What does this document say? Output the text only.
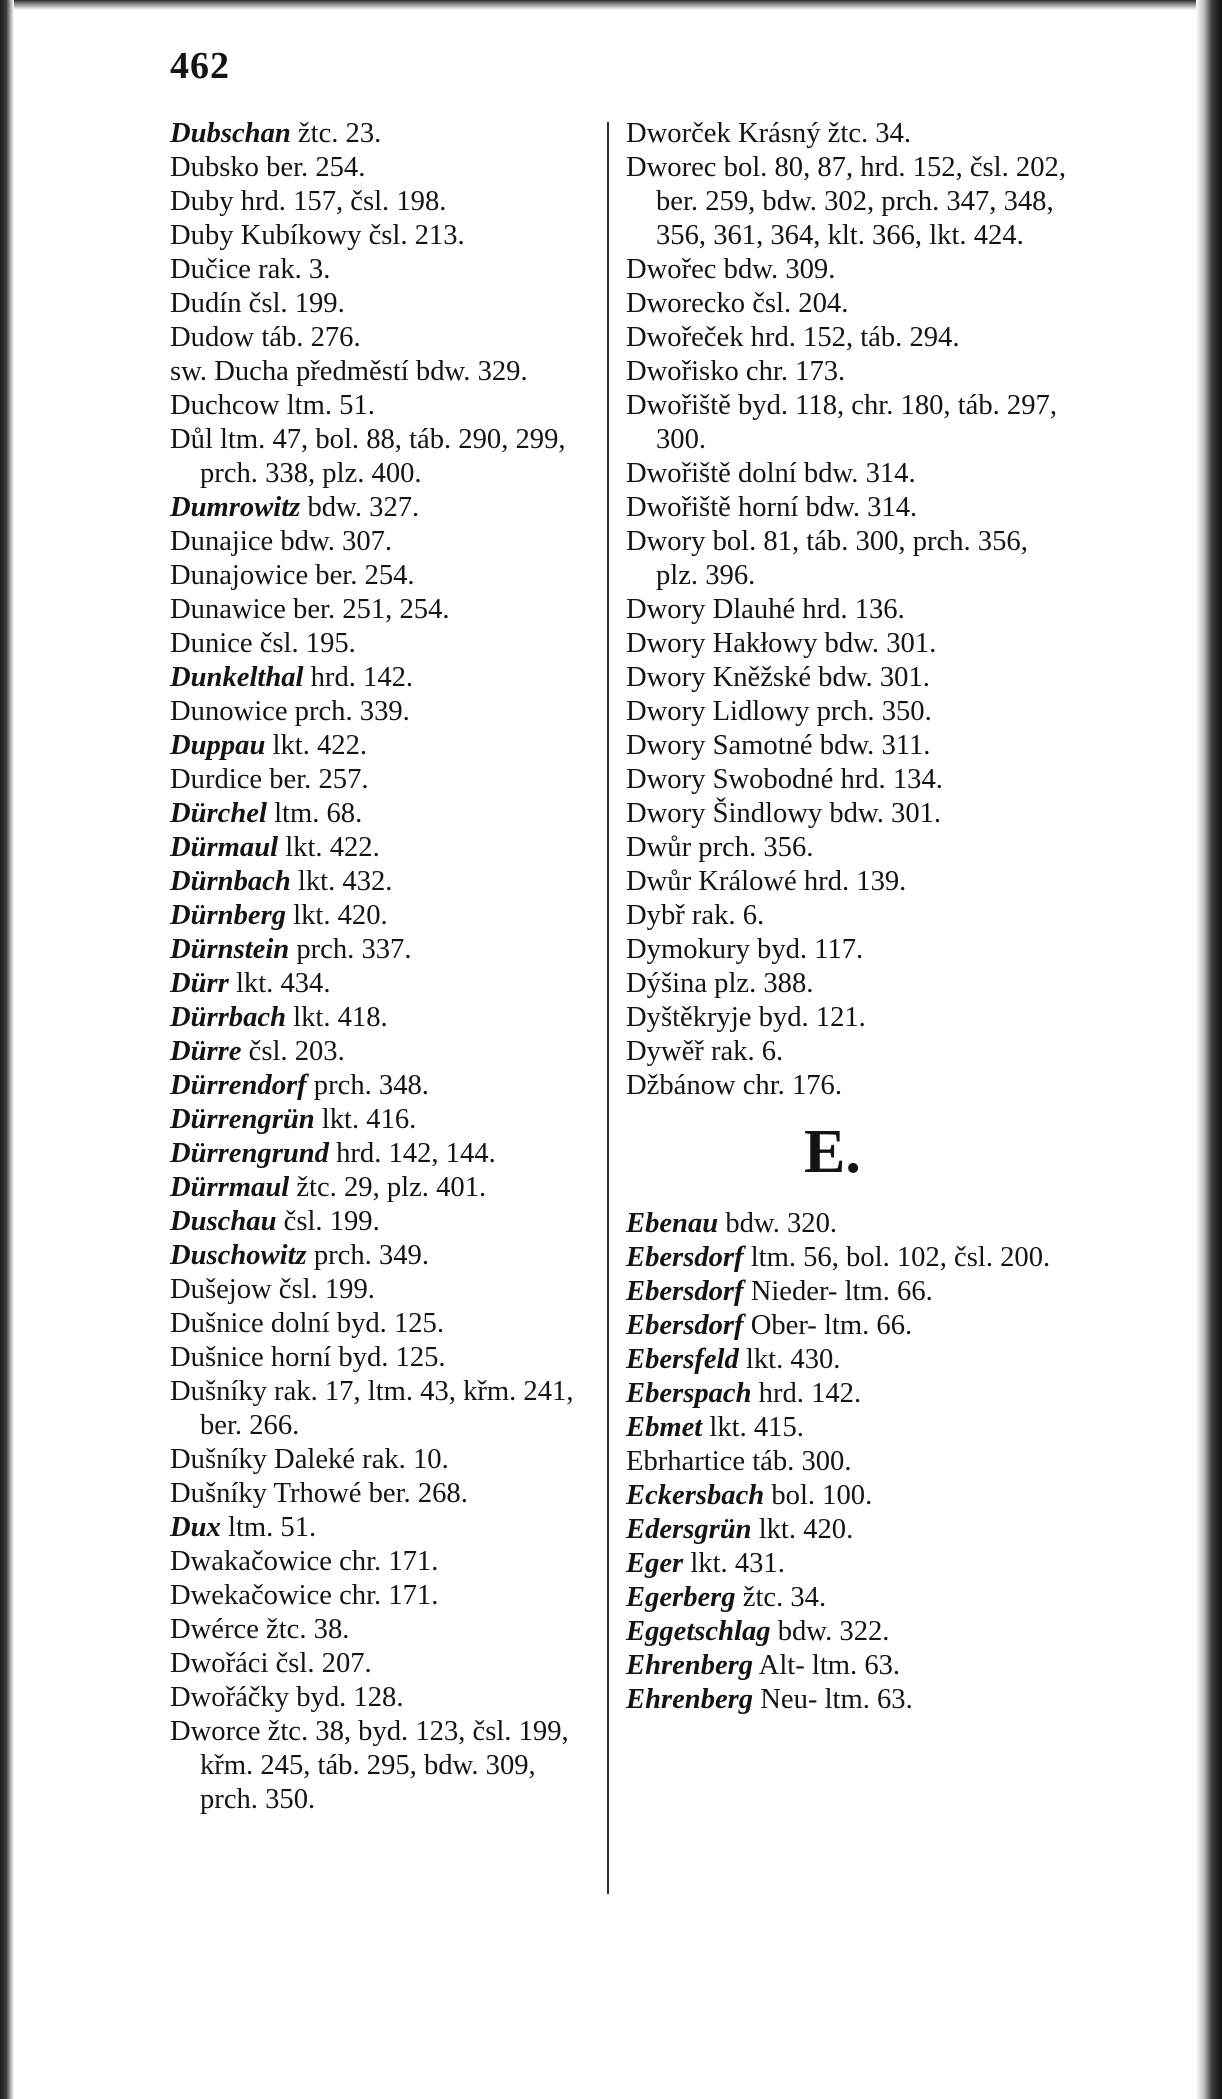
462

Dubschan žtc. 23.

Dubsko ber. 254.

Duby hrd. 157, čsl. 198.

Duby Kubíkowy čsl. 213.

Dučice rak. 3.

Dudín čsl. 199.

Dudow táb. 276.

sw. Ducha předměstí bdw. 329.

Duchcow ltm. 51.

Důl ltm. 47, bol. 88, táb. 290, 299, prch. 338, plz. 400.

Dumrowitz bdw. 327.

Dunajice bdw. 307.

Dunajowice ber. 254.

Dunawice ber. 251, 254.

Dunice čsl. 195.

Dunkelthal hrd. 142.

Dunowice prch. 339.

Duppau lkt. 422.

Durdice ber. 257.

Dürchel ltm. 68.

Dürmaul lkt. 422.

Dürnbach lkt. 432.

Dürnberg lkt. 420.

Dürnstein prch. 337.

Dürr lkt. 434.

Dürrbach lkt. 418.

Dürre čsl. 203.

Dürrendorf prch. 348.

Dürrengrün lkt. 416.

Dürrengrund hrd. 142, 144.

Dürrmaul žtc. 29, plz. 401.

Duschau čsl. 199.

Duschowitz prch. 349.

Dušejow čsl. 199.

Dušnice dolní byd. 125.

Dušnice horní byd. 125.

Dušníky rak. 17, ltm. 43, křm. 241, ber. 266.

Dušníky Daleké rak. 10.

Dušníky Trhowé ber. 268.

Dux ltm. 51.

Dwakačowice chr. 171.

Dwekačowice chr. 171.

Dwérce žtc. 38.

Dwořáci čsl. 207.

Dwořáčky byd. 128.

Dworce žtc. 38, byd. 123, čsl. 199, křm. 245, táb. 295, bdw. 309, prch. 350.

Dworček Krásný žtc. 34.

Dworec bol. 80, 87, hrd. 152, čsl. 202, ber. 259, bdw. 302, prch. 347, 348, 356, 361, 364, klt. 366, lkt. 424.

Dwořec bdw. 309.

Dworecko čsl. 204.

Dwořeček hrd. 152, táb. 294.

Dwořisko chr. 173.

Dwořiště byd. 118, chr. 180, táb. 297, 300.

Dwořiště dolní bdw. 314.

Dwořiště horní bdw. 314.

Dwory bol. 81, táb. 300, prch. 356, plz. 396.

Dwory Dlauhé hrd. 136.

Dwory Hakłowy bdw. 301.

Dwory Kněžské bdw. 301.

Dwory Lidlowy prch. 350.

Dwory Samotné bdw. 311.

Dwory Swobodné hrd. 134.

Dwory Šindlowy bdw. 301.

Dwůr prch. 356.

Dwůr Králowé hrd. 139.

Dybř rak. 6.

Dymokury byd. 117.

Dýšina plz. 388.

Dyštěkryje byd. 121.

Dywěř rak. 6.

Džbánow chr. 176.

E.

Ebenau bdw. 320.

Ebersdorf ltm. 56, bol. 102, čsl. 200.

Ebersdorf Nieder- ltm. 66.

Ebersdorf Ober- ltm. 66.

Ebersfeld lkt. 430.

Eberspach hrd. 142.

Ebmet lkt. 415.

Ebrhartice táb. 300.

Eckersbach bol. 100.

Edersgrün lkt. 420.

Eger lkt. 431.

Egerberg žtc. 34.

Eggetschlag bdw. 322.

Ehrenberg Alt- ltm. 63.

Ehrenberg Neu- ltm. 63.
